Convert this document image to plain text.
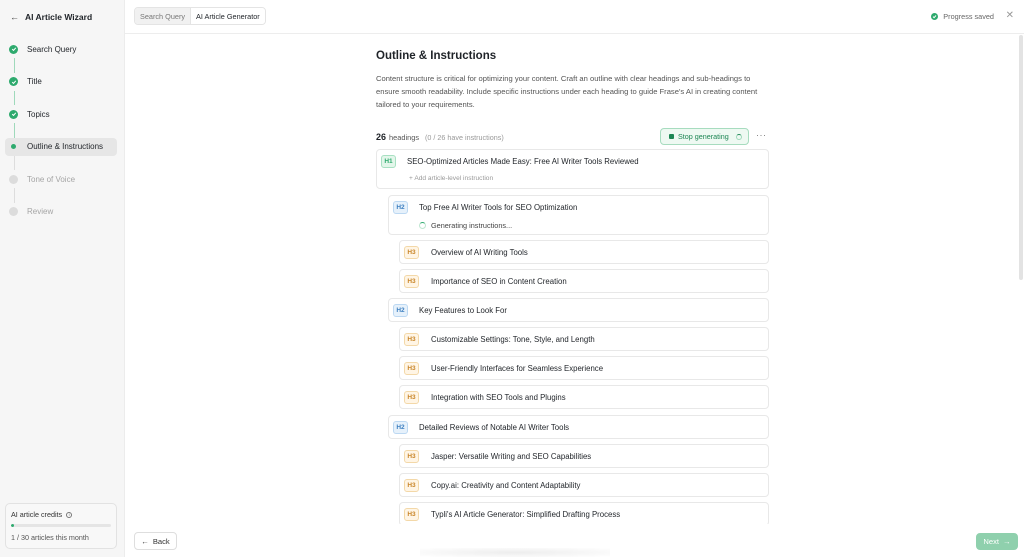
← AI Article Wizard
Search Query
Title
Topics
Outline & Instructions
Tone of Voice
Review
AI article credits	i
1 / 30 articles this month
Search Query	AI Article Generator	Progress saved ✕
Outline & Instructions
Content structure is critical for optimizing your content. Craft an outline with clear headings and sub-headings to ensure smooth readability. Include specific instructions under each heading to guide Frase's AI in creating content tailored to your requirements.
26 headings (0 / 26 have instructions)	Stop generating	···
H1	SEO-Optimized Articles Made Easy: Free AI Writer Tools Reviewed
+ Add article-level instruction
H2	Top Free AI Writer Tools for SEO Optimization
Generating instructions...
H3	Overview of AI Writing Tools
H3	Importance of SEO in Content Creation
H2	Key Features to Look For
H3	Customizable Settings: Tone, Style, and Length
H3	User-Friendly Interfaces for Seamless Experience
H3	Integration with SEO Tools and Plugins
H2	Detailed Reviews of Notable AI Writer Tools
H3	Jasper: Versatile Writing and SEO Capabilities
H3	Copy.ai: Creativity and Content Adaptability
H3	Typli's AI Article Generator: Simplified Drafting Process
← Back	Next →
